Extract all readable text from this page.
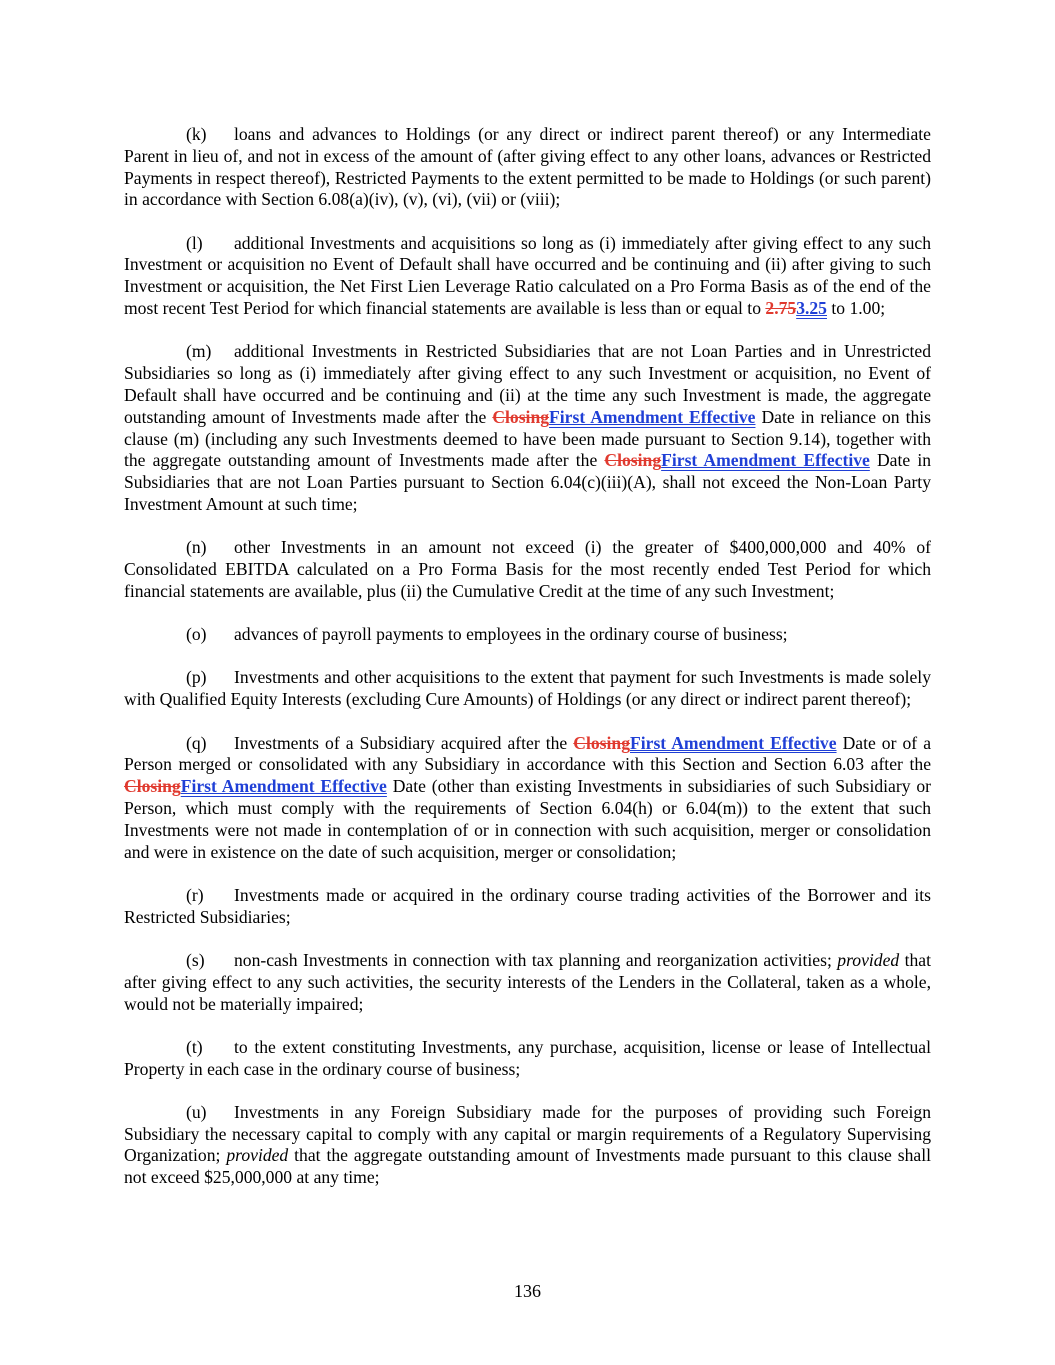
(k) loans and advances to Holdings (or any direct or indirect parent thereof) or any Intermediate Parent in lieu of, and not in excess of the amount of (after giving effect to any other loans, advances or Restricted Payments in respect thereof), Restricted Payments to the extent permitted to be made to Holdings (or such parent) in accordance with Section 6.08(a)(iv), (v), (vi), (vii) or (viii);

(l) additional Investments and acquisitions so long as (i) immediately after giving effect to any such Investment or acquisition no Event of Default shall have occurred and be continuing and (ii) after giving to such Investment or acquisition, the Net First Lien Leverage Ratio calculated on a Pro Forma Basis as of the end of the most recent Test Period for which financial statements are available is less than or equal to 2.753.25 to 1.00;

(m) additional Investments in Restricted Subsidiaries that are not Loan Parties and in Unrestricted Subsidiaries so long as (i) immediately after giving effect to any such Investment or acquisition, no Event of Default shall have occurred and be continuing and (ii) at the time any such Investment is made, the aggregate outstanding amount of Investments made after the ClosingFirst Amendment Effective Date in reliance on this clause (m) (including any such Investments deemed to have been made pursuant to Section 9.14), together with the aggregate outstanding amount of Investments made after the ClosingFirst Amendment Effective Date in Subsidiaries that are not Loan Parties pursuant to Section 6.04(c)(iii)(A), shall not exceed the Non-Loan Party Investment Amount at such time;

(n) other Investments in an amount not exceed (i) the greater of $400,000,000 and 40% of Consolidated EBITDA calculated on a Pro Forma Basis for the most recently ended Test Period for which financial statements are available, plus (ii) the Cumulative Credit at the time of any such Investment;

(o) advances of payroll payments to employees in the ordinary course of business;

(p) Investments and other acquisitions to the extent that payment for such Investments is made solely with Qualified Equity Interests (excluding Cure Amounts) of Holdings (or any direct or indirect parent thereof);

(q) Investments of a Subsidiary acquired after the ClosingFirst Amendment Effective Date or of a Person merged or consolidated with any Subsidiary in accordance with this Section and Section 6.03 after the ClosingFirst Amendment Effective Date (other than existing Investments in subsidiaries of such Subsidiary or Person, which must comply with the requirements of Section 6.04(h) or 6.04(m)) to the extent that such Investments were not made in contemplation of or in connection with such acquisition, merger or consolidation and were in existence on the date of such acquisition, merger or consolidation;

(r) Investments made or acquired in the ordinary course trading activities of the Borrower and its Restricted Subsidiaries;

(s) non-cash Investments in connection with tax planning and reorganization activities; provided that after giving effect to any such activities, the security interests of the Lenders in the Collateral, taken as a whole, would not be materially impaired;

(t) to the extent constituting Investments, any purchase, acquisition, license or lease of Intellectual Property in each case in the ordinary course of business;

(u) Investments in any Foreign Subsidiary made for the purposes of providing such Foreign Subsidiary the necessary capital to comply with any capital or margin requirements of a Regulatory Supervising Organization; provided that the aggregate outstanding amount of Investments made pursuant to this clause shall not exceed $25,000,000 at any time;

136
